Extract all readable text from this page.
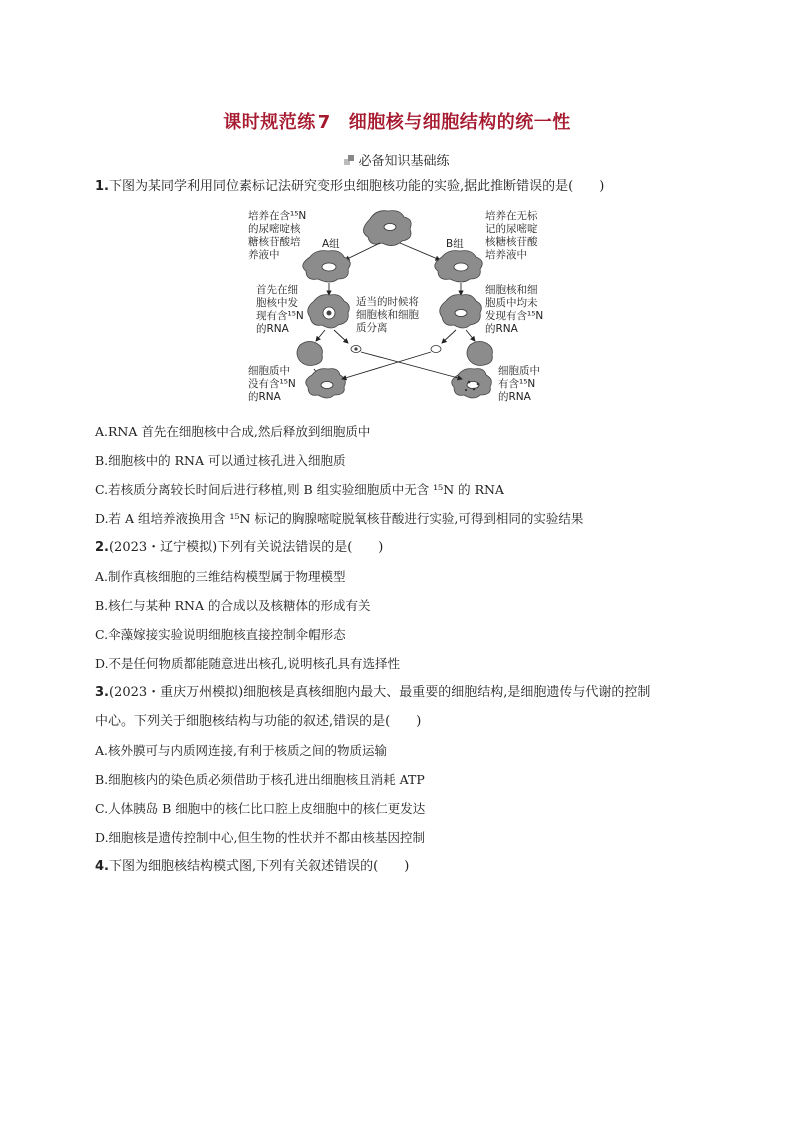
课时规范练 7 细胞核与细胞结构的统一性
必备知识基础练
1.下图为某同学利用同位素标记法研究变形虫细胞核功能的实验,据此推断错误的是(　　)
A组	B组
培养在含¹⁵N
的尿嘧啶核
糖核苷酸培
养液中
首先在细
胞核中发
现有含¹⁵N
的RNA
适当的时候将
细胞核和细胞
质分离
培养在无标
记的尿嘧啶
核糖核苷酸
培养液中
细胞核和细
胞质中均未
发现有含¹⁵N
的RNA
细胞质中
没有含¹⁵N
的RNA
细胞质中
有含¹⁵N
的RNA
A.RNA 首先在细胞核中合成,然后释放到细胞质中
B.细胞核中的 RNA 可以通过核孔进入细胞质
C.若核质分离较长时间后进行移植,则 B 组实验细胞质中无含 ¹⁵N 的 RNA
D.若 A 组培养液换用含 ¹⁵N 标记的胸腺嘧啶脱氧核苷酸进行实验,可得到相同的实验结果
2.(2023・辽宁模拟)下列有关说法错误的是(　　)
A.制作真核细胞的三维结构模型属于物理模型
B.核仁与某种 RNA 的合成以及核糖体的形成有关
C.伞藻嫁接实验说明细胞核直接控制伞帽形态
D.不是任何物质都能随意进出核孔,说明核孔具有选择性
3.(2023・重庆万州模拟)细胞核是真核细胞内最大、最重要的细胞结构,是细胞遗传与代谢的控制
中心。下列关于细胞核结构与功能的叙述,错误的是(　　)
A.核外膜可与内质网连接,有利于核质之间的物质运输
B.细胞核内的染色质必须借助于核孔进出细胞核且消耗 ATP
C.人体胰岛 B 细胞中的核仁比口腔上皮细胞中的核仁更发达
D.细胞核是遗传控制中心,但生物的性状并不都由核基因控制
4.下图为细胞核结构模式图,下列有关叙述错误的(　　)
